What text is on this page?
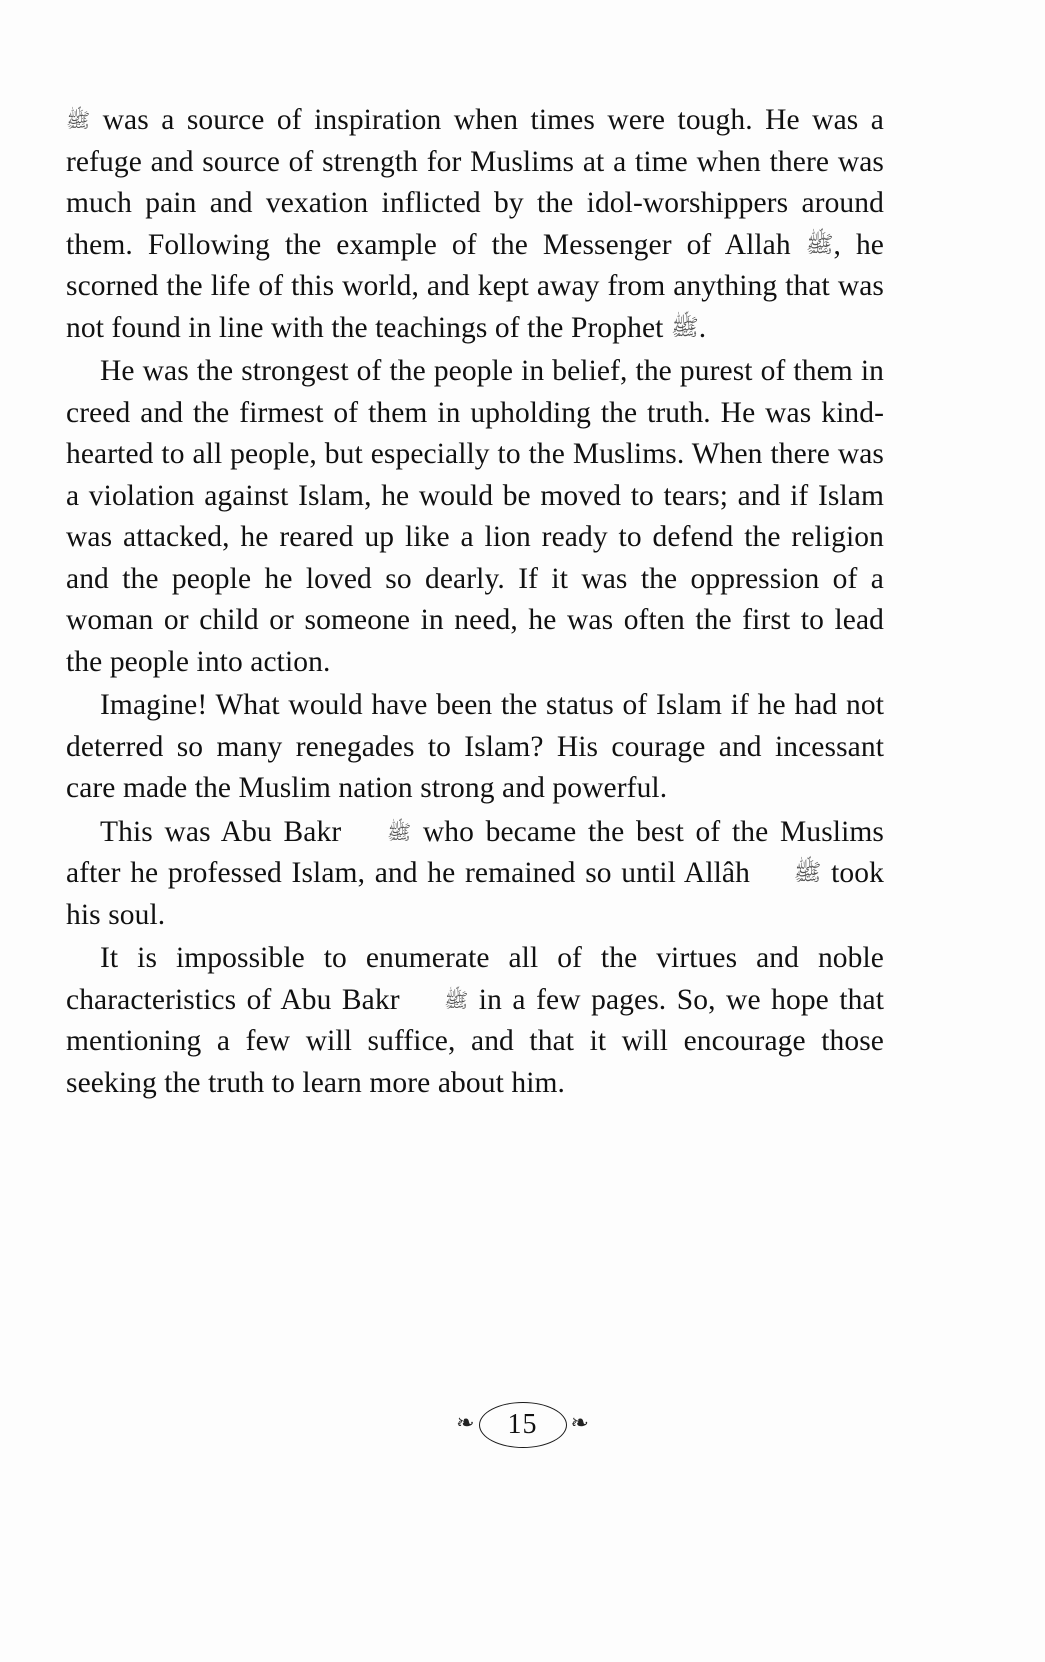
ﷺ was a source of inspiration when times were tough. He was a refuge and source of strength for Muslims at a time when there was much pain and vexation inflicted by the idol-worshippers around them. Following the example of the Messenger of Allah ﷺ, he scorned the life of this world, and kept away from anything that was not found in line with the teachings of the Prophet ﷺ.

He was the strongest of the people in belief, the purest of them in creed and the firmest of them in upholding the truth. He was kind-hearted to all people, but especially to the Muslims. When there was a violation against Islam, he would be moved to tears; and if Islam was attacked, he reared up like a lion ready to defend the religion and the people he loved so dearly. If it was the oppression of a woman or child or someone in need, he was often the first to lead the people into action.

Imagine! What would have been the status of Islam if he had not deterred so many renegades to Islam? His courage and incessant care made the Muslim nation strong and powerful.

This was Abu Bakr ﷺ who became the best of the Muslims after he professed Islam, and he remained so until Allâh ﷺ took his soul.

It is impossible to enumerate all of the virtues and noble characteristics of Abu Bakr ﷺ in a few pages. So, we hope that mentioning a few will suffice, and that it will encourage those seeking the truth to learn more about him.

❧	15	❧
